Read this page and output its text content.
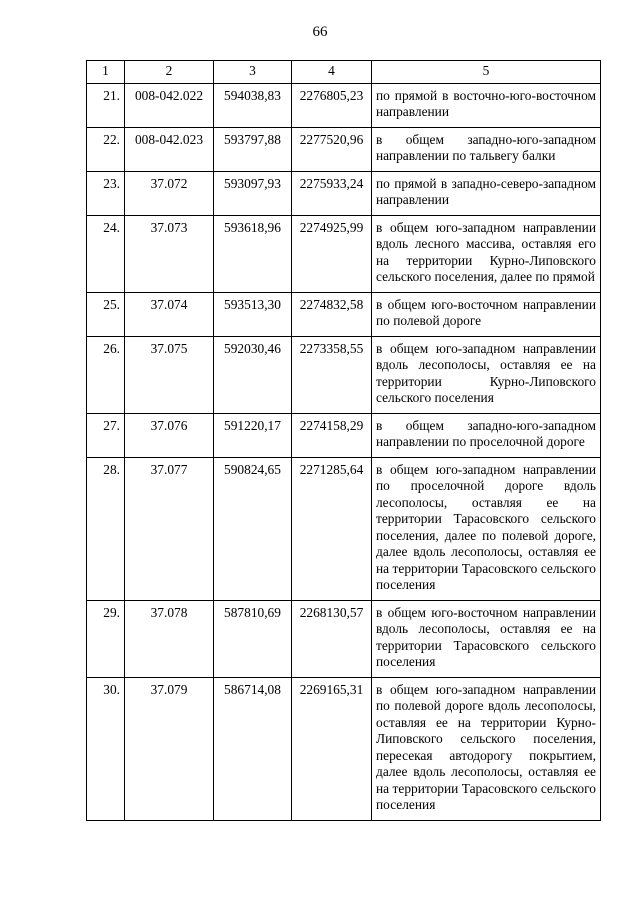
66
1	2	3	4	5
21.	008-042.022	594038,83	2276805,23	по прямой в восточно-юго-восточном направлении
22.	008-042.023	593797,88	2277520,96	в общем западно-юго-западном направлении по тальвегу балки
23.	37.072	593097,93	2275933,24	по прямой в западно-северо-западном направлении
24.	37.073	593618,96	2274925,99	в общем юго-западном направлении вдоль лесного массива, оставляя его на территории Курно-Липовского сельского поселения, далее по прямой
25.	37.074	593513,30	2274832,58	в общем юго-восточном направлении по полевой дороге
26.	37.075	592030,46	2273358,55	в общем юго-западном направлении вдоль лесополосы, оставляя ее на территории Курно-Липовского сельского поселения
27.	37.076	591220,17	2274158,29	в общем западно-юго-западном направлении по проселочной дороге
28.	37.077	590824,65	2271285,64	в общем юго-западном направлении по проселочной дороге вдоль лесополосы, оставляя ее на территории Тарасовского сельского поселения, далее по полевой дороге, далее вдоль лесополосы, оставляя ее на территории Тарасовского сельского поселения
29.	37.078	587810,69	2268130,57	в общем юго-восточном направлении вдоль лесополосы, оставляя ее на территории Тарасовского сельского поселения
30.	37.079	586714,08	2269165,31	в общем юго-западном направлении по полевой дороге вдоль лесополосы, оставляя ее на территории Курно-Липовского сельского поселения, пересекая автодорогу покрытием, далее вдоль лесополосы, оставляя ее на территории Тарасовского сельского поселения
